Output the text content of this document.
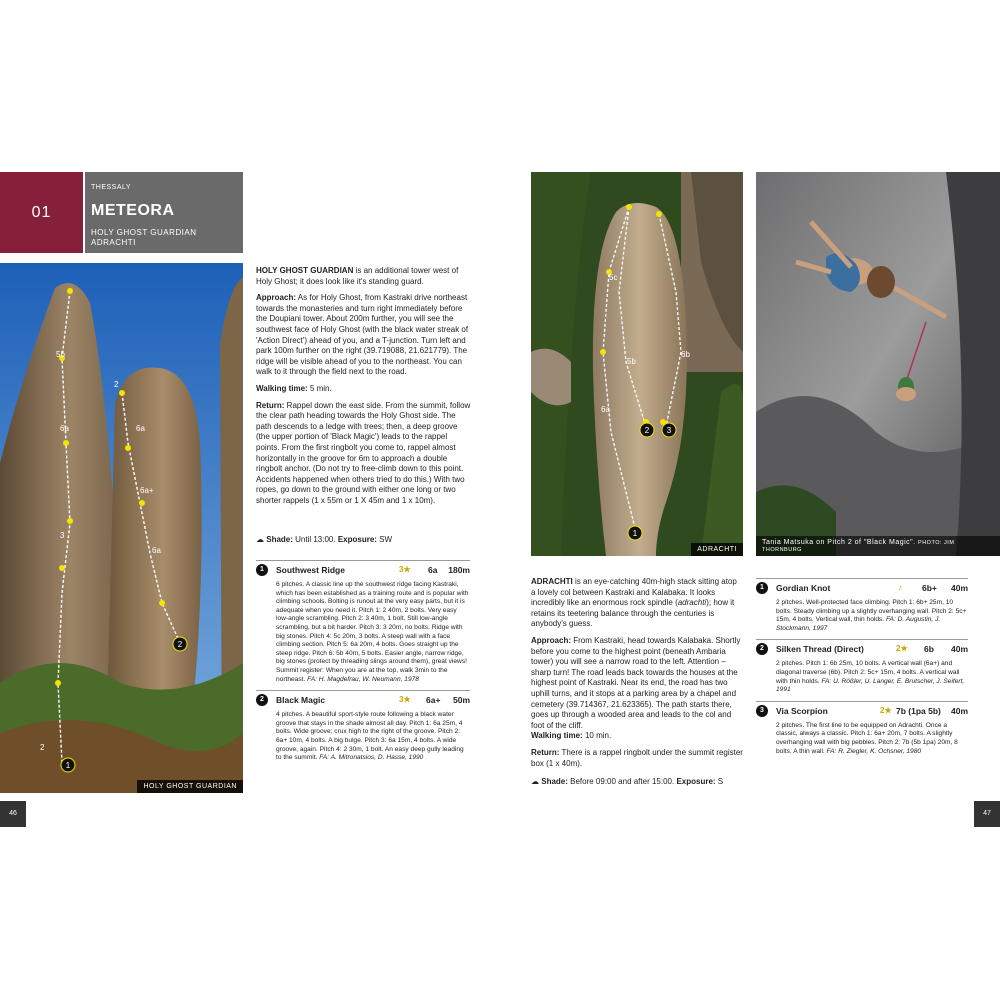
01
THESSALY
METEORA
HOLY GHOST GUARDIAN
ADRACHTI
5b
2
6a	6a
6a+
3
6a
2
1
2
HOLY GHOST GUARDIAN

HOLY GHOST GUARDIAN is an additional tower west of Holy Ghost; it does look like it's standing guard.

Approach: As for Holy Ghost, from Kastraki drive northeast towards the monasteries and turn right immediately before the Doupiani tower. About 200m further, you will see the southwest face of Holy Ghost (with the black water streak of 'Action Direct') ahead of you, and a T-junction. Turn left and park 100m further on the right (39.719088, 21.621779). The ridge will be visible ahead of you to the northeast. You can walk to it through the field next to the road.

Walking time: 5 min.

Return: Rappel down the east side. From the summit, follow the clear path heading towards the Holy Ghost side. The path descends to a ledge with trees; then, a deep groove (the upper portion of 'Black Magic') leads to the rappel points. From the first ringbolt you come to, rappel almost horizontally in the groove for 6m to approach a double ringbolt anchor. (Do not try to free-climb down to this point. Accidents happened when others tried to do this.) With two ropes, go down to the ground with either one long or two shorter rappels (1 x 55m or 1 X 45m and 1 x 10m).

☁ Shade: Until 13:00. Exposure: SW
1	Southwest Ridge	3★ 6a 180m
6 pitches. A classic line up the southwest ridge facing Kastraki, which has been established as a training route and is popular with climbing schools. Bolting is runout at the very easy parts, but it is adequate when you need it. Pitch 1: 2 40m, 2 bolts. Very easy low-angle scrambling. Pitch 2: 3 40m, 1 bolt. Still low-angle scrambling, but a bit harder. Pitch 3: 3 20m, no bolts. Ridge with big stones. Pitch 4: 5c 20m, 3 bolts. A steep wall with a face climbing section. Pitch 5: 6a 20m, 4 bolts. Goes straight up the steep ridge. Pitch 6: 5b 40m, 5 bolts. Easier angle, narrow ridge, big stones (protect by threading slings around them), great views! Summit register: When you are at the top, walk 3min to the northeast. FA: H. Magdefrau, W. Neumann, 1978
2	Black Magic	3★ 6a+ 50m
4 pitches. A beautiful sport-style route following a black water groove that stays in the shade almost all day. Pitch 1: 6a 25m, 4 bolts. Wide groove; crux high to the right of the groove. Pitch 2: 6a+ 10m, 4 bolts. A big bulge. Pitch 3: 6a 15m, 4 bolts. A wide groove, again. Pitch 4: 2 30m, 1 bolt. An easy deep gully leading to the summit. FA: A. Mitronatsios, D. Hasse, 1990
5c
5b
6b
6a
1
2 3
ADRACHTI
Tania Matsuka on Pitch 2 of "Black Magic". PHOTO: JIM THORNBURG

ADRACHTI is an eye-catching 40m-high stack sitting atop a lovely col between Kastraki and Kalabaka. It looks incredibly like an enormous rock spindle (adrachti); how it retains its teetering balance through the centuries is anybody's guess.

Approach: From Kastraki, head towards Kalabaka. Shortly before you come to the highest point (beneath Ambaria tower) you will see a narrow road to the left. Attention – sharp turn! The road leads back towards the houses at the highest point of Kastraki. Near its end, the road has two uphill turns, and it stops at a parking area by a chapel and cemetery (39.714367, 21.623365). The path starts there, goes up through a wooded area and leads to the col and foot of the cliff.

Walking time: 10 min.

Return: There is a rappel ringbolt under the summit register box (1 x 40m).

☁ Shade: Before 09:00 and after 15:00. Exposure: S
1	Gordian Knot	♪ 6b+ 40m
2 pitches. Well-protected face climbing. Pitch 1: 6b+ 25m, 10 bolts. Steady climbing up a slightly overhanging wall. Pitch 2: 5c+ 15m, 4 bolts. Vertical wall, thin holds. FA: D. Augustin, J. Stockmann, 1997
2	Silken Thread (Direct)	2★ 6b 40m
2 pitches. Pitch 1: 6b 25m, 10 bolts. A vertical wall (6a+) and diagonal traverse (6b). Pitch 2: 5c+ 15m, 4 bolts. A vertical wall with thin holds. FA: U. Rößler, U. Langer, E. Brutscher, J. Seifert, 1991
3	Via Scorpion	2★ 7b (1pa 5b) 40m
2 pitches. The first line to be equipped on Adrachti. Once a classic, always a classic. Pitch 1: 6a+ 20m, 7 bolts. A slightly overhanging wall with big pebbles. Pitch 2: 7b (5b 1pa) 20m, 8 bolts. A thin wall. FA: R. Ziegler, K. Ochsner, 1980
46	47
